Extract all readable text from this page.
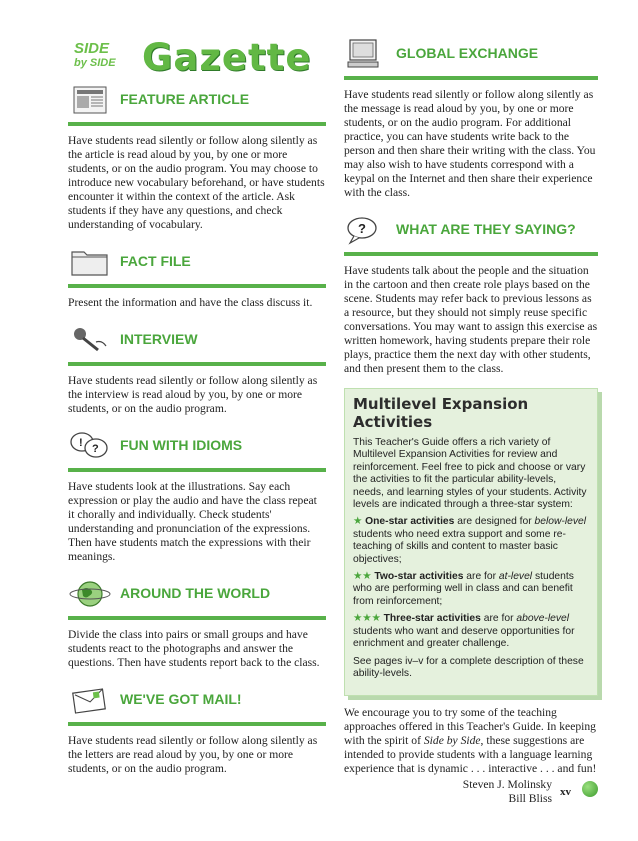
SIDE
by SIDE Gazette
FEATURE ARTICLE

Have students read silently or follow along silently as the article is read aloud by you, by one or more students, or on the audio program. You may choose to introduce new vocabulary beforehand, or have students encounter it within the context of the article. Ask students if they have any questions, and check understanding of vocabulary.

FACT FILE

Present the information and have the class discuss it.

INTERVIEW

Have students read silently or follow along silently as the interview is read aloud by you, by one or more students, or on the audio program.

! ? FUN WITH IDIOMS

Have students look at the illustrations. Say each expression or play the audio and have the class repeat it chorally and individually. Check students' understanding and pronunciation of the expressions. Then have students match the expressions with their meanings.

AROUND THE WORLD

Divide the class into pairs or small groups and have students react to the photographs and answer the questions. Then have students report back to the class.

WE'VE GOT MAIL!

Have students read silently or follow along silently as the letters are read aloud by you, by one or more students, or on the audio program.

GLOBAL EXCHANGE

Have students read silently or follow along silently as the message is read aloud by you, by one or more students, or on the audio program. For additional practice, you can have students write back to the person and then share their writing with the class. You may also wish to have students correspond with a keypal on the Internet and then share their experience with the class.

? WHAT ARE THEY SAYING?

Have students talk about the people and the situation in the cartoon and then create role plays based on the scene. Students may refer back to previous lessons as a resource, but they should not simply reuse specific conversations. You may want to assign this exercise as written homework, having students prepare their role plays, practice them the next day with other students, and then present them to the class.

Multilevel Expansion Activities

This Teacher's Guide offers a rich variety of Multilevel Expansion Activities for review and reinforcement. Feel free to pick and choose or vary the activities to fit the particular ability-levels, needs, and learning styles of your students. Activity levels are indicated through a three-star system:

★ One-star activities are designed for below-level students who need extra support and some re-teaching of skills and content to master basic objectives;

★★ Two-star activities are for at-level students who are performing well in class and can benefit from reinforcement;

★★★ Three-star activities are for above-level students who want and deserve opportunities for enrichment and greater challenge.

See pages iv–v for a complete description of these ability-levels.

We encourage you to try some of the teaching approaches offered in this Teacher's Guide. In keeping with the spirit of Side by Side, these suggestions are intended to provide students with a language learning experience that is dynamic . . . interactive . . . and fun!

Steven J. Molinsky
Bill Bliss
xv
